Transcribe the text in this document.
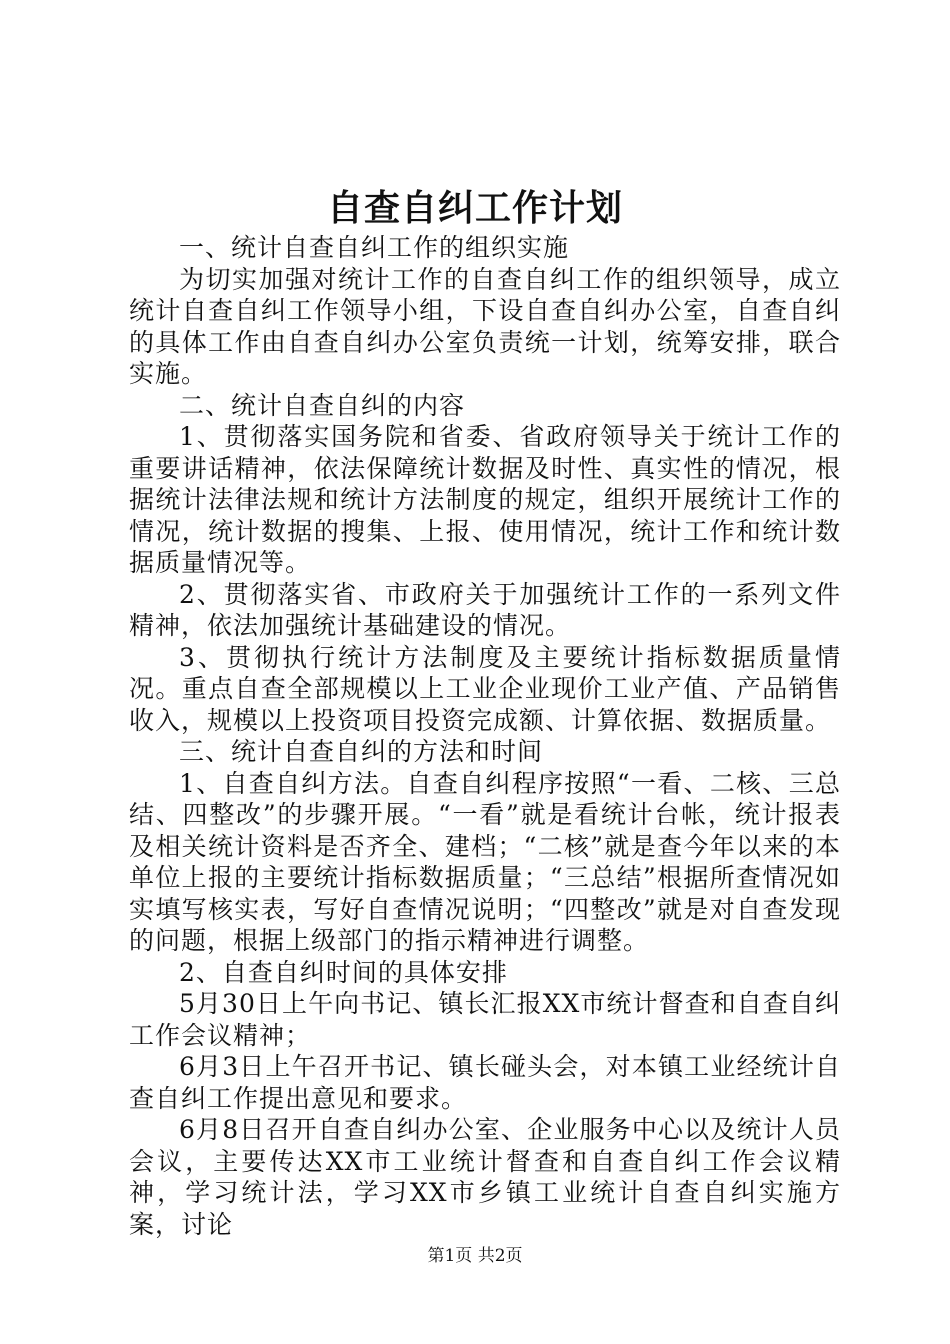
自查自纠工作计划

一、统计自查自纠工作的组织实施

为切实加强对统计工作的自查自纠工作的组织领导，成立统计自查自纠工作领导小组，下设自查自纠办公室，自查自纠的具体工作由自查自纠办公室负责统一计划，统筹安排，联合实施。

二、统计自查自纠的内容

1、贯彻落实国务院和省委、省政府领导关于统计工作的重要讲话精神，依法保障统计数据及时性、真实性的情况，根据统计法律法规和统计方法制度的规定，组织开展统计工作的情况，统计数据的搜集、上报、使用情况，统计工作和统计数据质量情况等。

2、贯彻落实省、市政府关于加强统计工作的一系列文件精神，依法加强统计基础建设的情况。

3、贯彻执行统计方法制度及主要统计指标数据质量情况。重点自查全部规模以上工业企业现价工业产值、产品销售收入，规模以上投资项目投资完成额、计算依据、数据质量。

三、统计自查自纠的方法和时间

1、自查自纠方法。自查自纠程序按照“一看、二核、三总结、四整改”的步骤开展。“一看”就是看统计台帐，统计报表及相关统计资料是否齐全、建档；“二核”就是查今年以来的本单位上报的主要统计指标数据质量；“三总结”根据所查情况如实填写核实表，写好自查情况说明；“四整改”就是对自查发现的问题，根据上级部门的指示精神进行调整。

2、自查自纠时间的具体安排

5月30日上午向书记、镇长汇报XX市统计督查和自查自纠工作会议精神；

6月3日上午召开书记、镇长碰头会，对本镇工业经统计自查自纠工作提出意见和要求。

6月8日召开自查自纠办公室、企业服务中心以及统计人员会议，主要传达XX市工业统计督查和自查自纠工作会议精神，学习统计法，学习XX市乡镇工业统计自查自纠实施方案，讨论

第1页 共2页
